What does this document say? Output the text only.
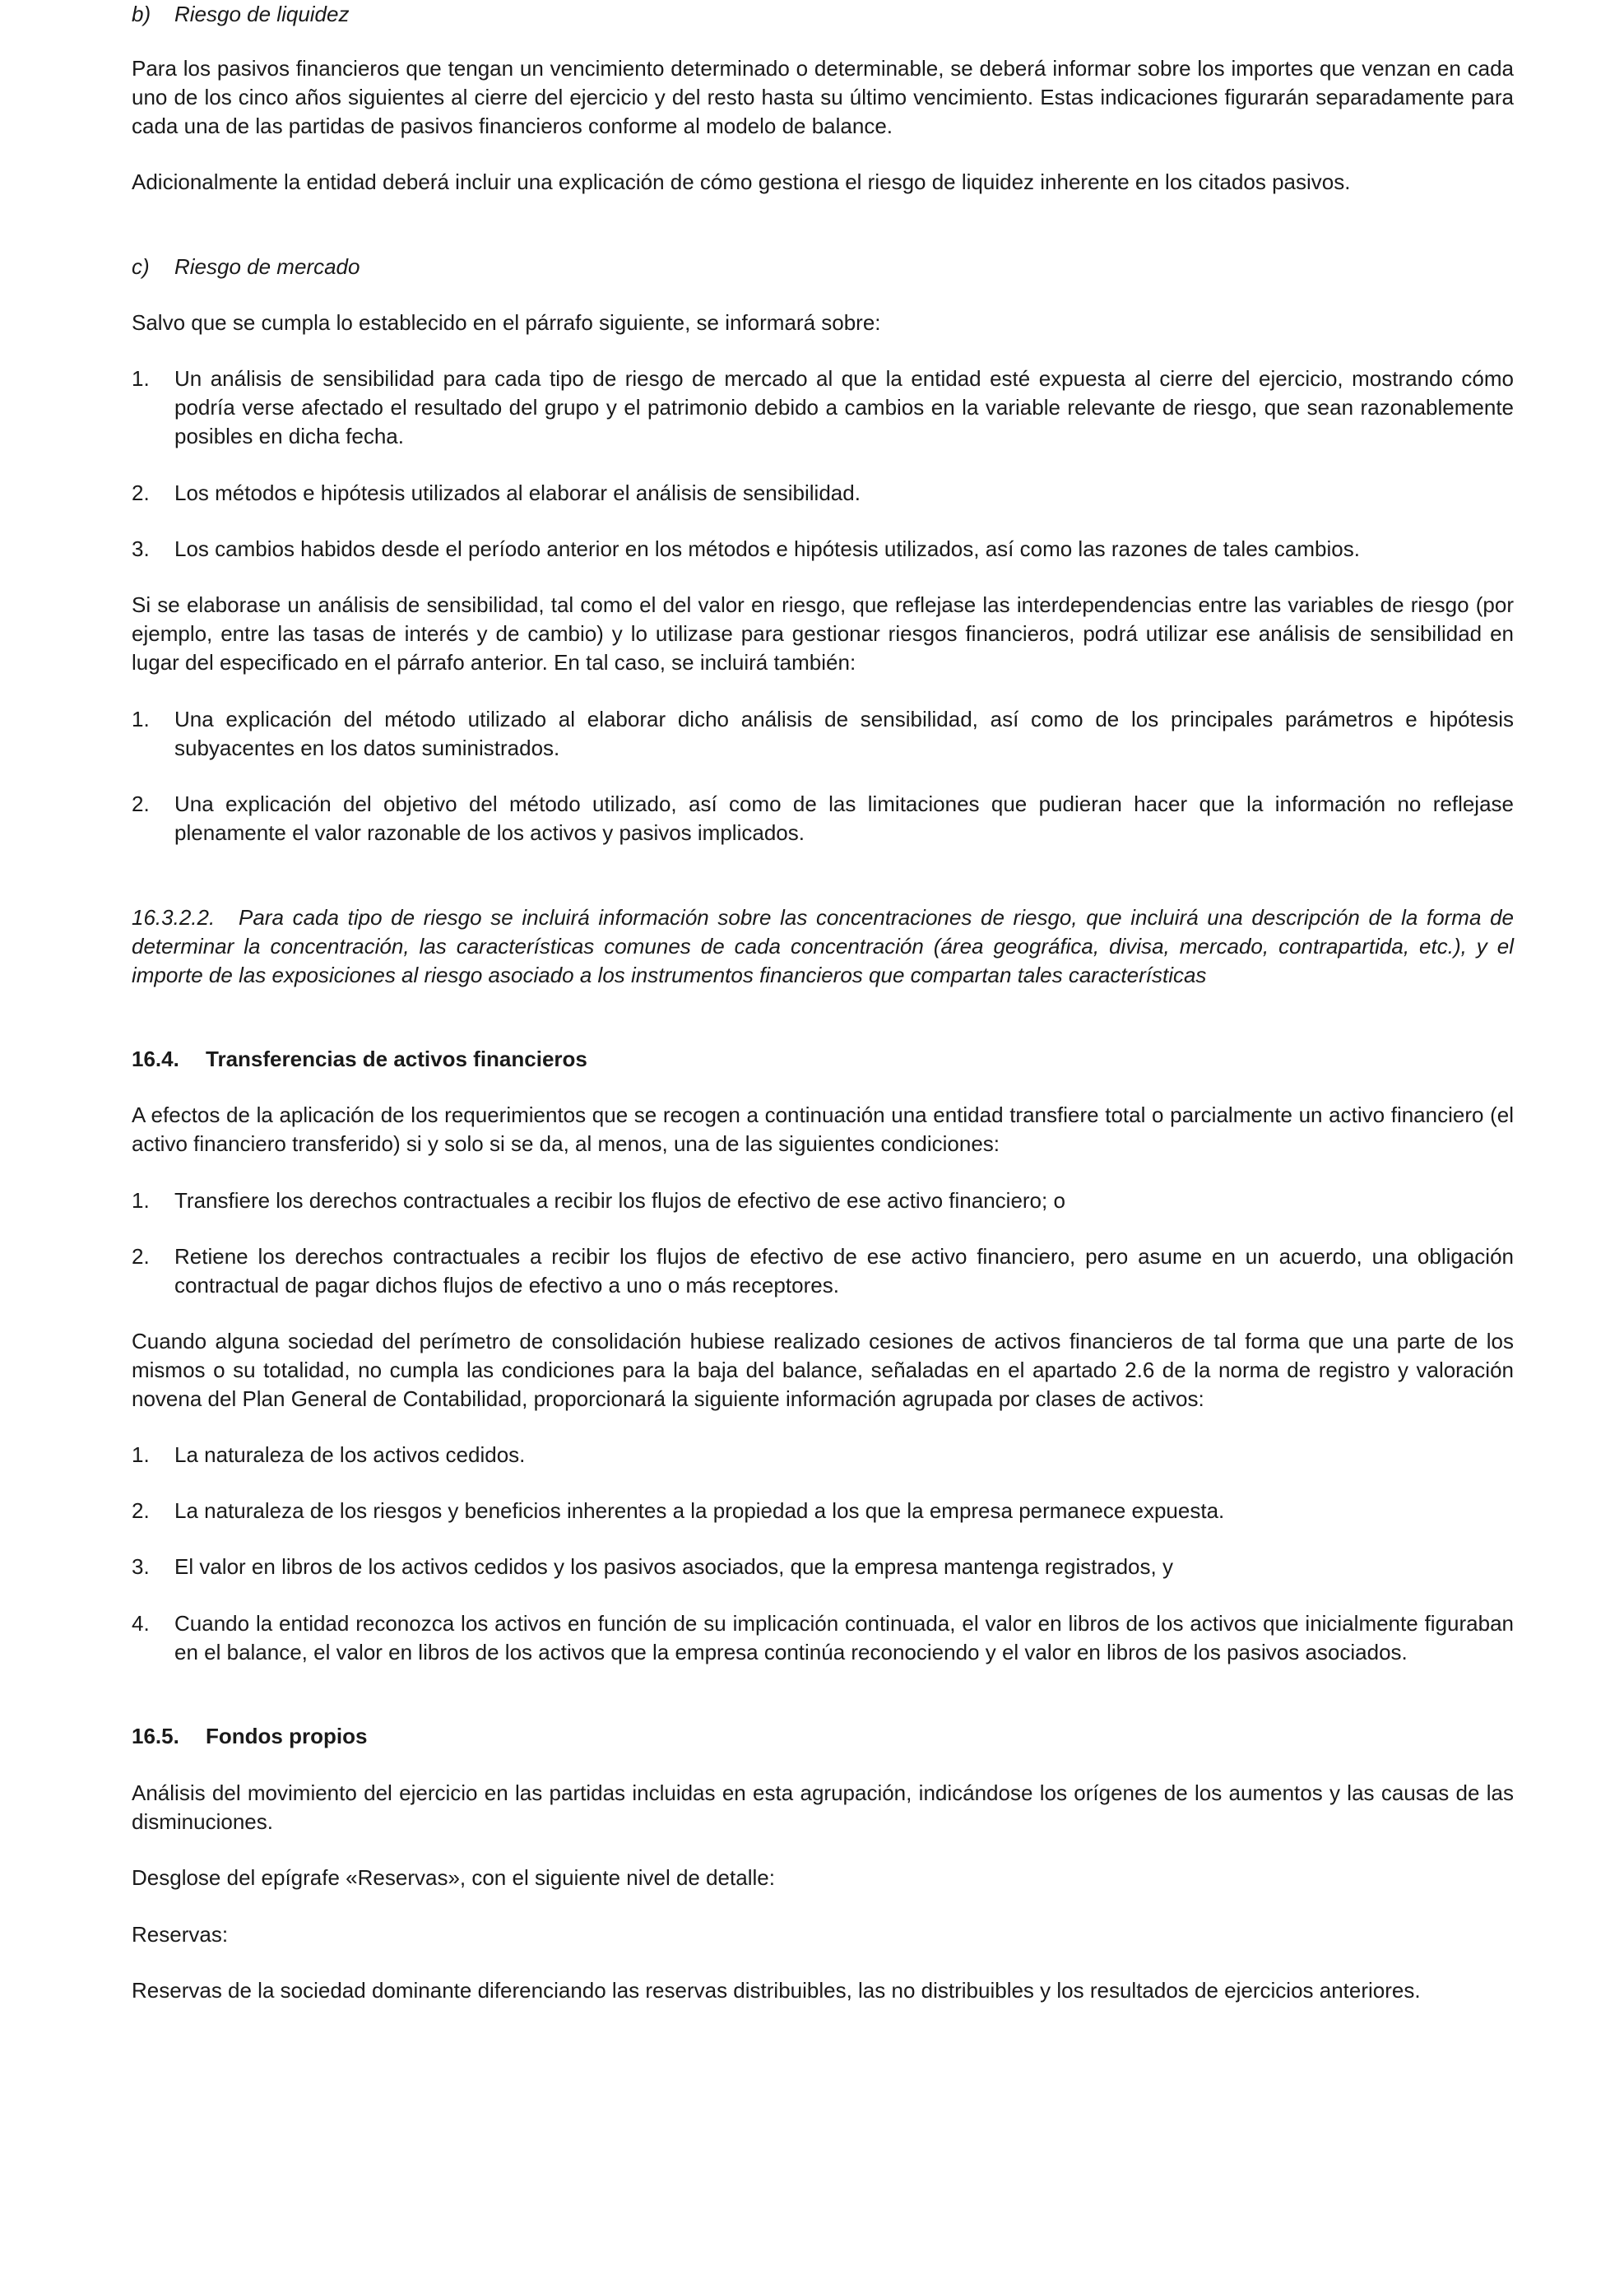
b) Riesgo de liquidez

Para los pasivos financieros que tengan un vencimiento determinado o determinable, se deberá informar sobre los importes que venzan en cada uno de los cinco años siguientes al cierre del ejercicio y del resto hasta su último vencimiento. Estas indicaciones figurarán separadamente para cada una de las partidas de pasivos financieros conforme al modelo de balance.

Adicionalmente la entidad deberá incluir una explicación de cómo gestiona el riesgo de liquidez inherente en los citados pasivos.

c) Riesgo de mercado

Salvo que se cumpla lo establecido en el párrafo siguiente, se informará sobre:

1. Un análisis de sensibilidad para cada tipo de riesgo de mercado al que la entidad esté expuesta al cierre del ejercicio, mostrando cómo podría verse afectado el resultado del grupo y el patrimonio debido a cambios en la variable relevante de riesgo, que sean razonablemente posibles en dicha fecha.

2. Los métodos e hipótesis utilizados al elaborar el análisis de sensibilidad.

3. Los cambios habidos desde el período anterior en los métodos e hipótesis utilizados, así como las razones de tales cambios.

Si se elaborase un análisis de sensibilidad, tal como el del valor en riesgo, que reflejase las interdependencias entre las variables de riesgo (por ejemplo, entre las tasas de interés y de cambio) y lo utilizase para gestionar riesgos financieros, podrá utilizar ese análisis de sensibilidad en lugar del especificado en el párrafo anterior. En tal caso, se incluirá también:

1. Una explicación del método utilizado al elaborar dicho análisis de sensibilidad, así como de los principales parámetros e hipótesis subyacentes en los datos suministrados.

2. Una explicación del objetivo del método utilizado, así como de las limitaciones que pudieran hacer que la información no reflejase plenamente el valor razonable de los activos y pasivos implicados.

16.3.2.2. Para cada tipo de riesgo se incluirá información sobre las concentraciones de riesgo, que incluirá una descripción de la forma de determinar la concentración, las características comunes de cada concentración (área geográfica, divisa, mercado, contrapartida, etc.), y el importe de las exposiciones al riesgo asociado a los instrumentos financieros que compartan tales características

16.4. Transferencias de activos financieros

A efectos de la aplicación de los requerimientos que se recogen a continuación una entidad transfiere total o parcialmente un activo financiero (el activo financiero transferido) si y solo si se da, al menos, una de las siguientes condiciones:

1. Transfiere los derechos contractuales a recibir los flujos de efectivo de ese activo financiero; o

2. Retiene los derechos contractuales a recibir los flujos de efectivo de ese activo financiero, pero asume en un acuerdo, una obligación contractual de pagar dichos flujos de efectivo a uno o más receptores.

Cuando alguna sociedad del perímetro de consolidación hubiese realizado cesiones de activos financieros de tal forma que una parte de los mismos o su totalidad, no cumpla las condiciones para la baja del balance, señaladas en el apartado 2.6 de la norma de registro y valoración novena del Plan General de Contabilidad, proporcionará la siguiente información agrupada por clases de activos:

1. La naturaleza de los activos cedidos.

2. La naturaleza de los riesgos y beneficios inherentes a la propiedad a los que la empresa permanece expuesta.

3. El valor en libros de los activos cedidos y los pasivos asociados, que la empresa mantenga registrados, y

4. Cuando la entidad reconozca los activos en función de su implicación continuada, el valor en libros de los activos que inicialmente figuraban en el balance, el valor en libros de los activos que la empresa continúa reconociendo y el valor en libros de los pasivos asociados.

16.5. Fondos propios

Análisis del movimiento del ejercicio en las partidas incluidas en esta agrupación, indicándose los orígenes de los aumentos y las causas de las disminuciones.

Desglose del epígrafe «Reservas», con el siguiente nivel de detalle:

Reservas:

Reservas de la sociedad dominante diferenciando las reservas distribuibles, las no distribuibles y los resultados de ejercicios anteriores.
